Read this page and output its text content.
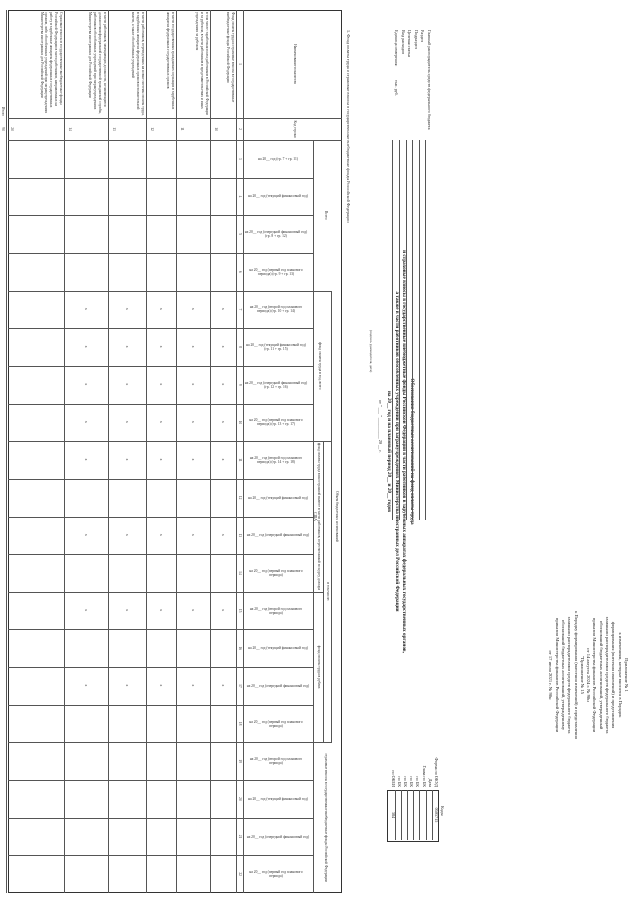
Приложение № 1
к изменениям, которые вносятся в Порядок
формирования (внесения изменений) и представления
главными распорядителями средств федерального бюджета
обоснований бюджетных ассигнований, утвержденный
приказом Министерства финансов Российской Федерации
от 14 августа 2024 г. № 98н
"Приложение № 15
к Порядку формирования (внесения изменений) и представления
главными распорядителями средств федерального бюджета
обоснований бюджетных ассигнований, утвержденному
приказом Министерства финансов Российской Федерации
от 17 июля 2021 г. № 98н
Обоснования бюджетных ассигнований на фонд оплаты труда
и страховые взносы в государственные внебюджетные фонды Российской Федерации в части работников в зарубежных аппаратах федеральных государственных органов,
а также в части работников обособленных учреждений при загранучреждениях Министерства иностранных дел Российской Федерации
на 20__ год и на плановый период 20__ и 20__ годов
от " ___ " __________ 20 __ г.
(подпись руководителя, дата)
Главный распорядитель средств федерального бюджета
Раздел
Подраздел
Целевая статья
Вид расходов
Единица измерения:
тыс. руб.
Коды
Форма по ОКУД
0505715
Дата
Глава по БК
по БК
по БК
по БК
по БК
по ОКЕИ
384
1. Фонд оплаты труда и страховые взносы в государственные внебюджетные фонды Российской Федерации
Всего
Объем бюджетных ассигнований
фонд оплаты труда в год, всего
в том числе:
фонд оплаты труда в иностранной валюте в части работников, пересчитанный по курсу доллара США
фонд оплаты труда в рублях
страховые взносы в государственные внебюджетные фонды Российской Федерации
Наименование показателя
Код строки
на 20__ год (гр. 7 + гр. 11)
на 20__ год (текущий финансовый год)
на 20__ год (очередной финансовый год) (гр. 8 + гр. 12)
на 20__ год (первый год планового периода) (гр. 9 + гр. 13)
на 20__ год (второй год планового периода) (гр. 10 + гр. 14)
на 20__ год (текущий финансовый год) (гр. 11 + гр. 15)
на 20__ год (очередной финансовый год) (гр. 12 + гр. 16)
на 20__ год (первый год планового периода) (гр. 13 + гр. 17)
на 20__ год (второй год планового периода) (гр. 14 + гр. 18)
на 20__ год (текущий финансовый год)
на 20__ год (очередной финансовый год)
на 20__ год (первый год планового периода)
на 20__ год (второй год планового периода)
на 20__ год (текущий финансовый год)
на 20__ год (очередной финансовый год)
на 20__ год (первый год планового периода)
на 20__ год (второй год планового периода)
на 20__ год (текущий финансовый год)
на 20__ год (очередной финансовый год)
на 20__ год (первый год планового периода)
1
2
3
4
5
6
7
8
9
10
11
12
13
14
15
16
17
18
19
20
21
22
Фонд оплаты труда и страховые взносы в государственные внебюджетные фонды Российской Федерации
10
x
x
x
x
x
x
x
x
в том числе: заработная плата работников в Российской Федерации и за рубежом, в части работников в представительствах и иных учреждениях за рубежом
11
x
x
x
x
x
x
x
x
в части государственных гражданских служащих в зарубежных аппаратах федеральных государственных органов
12
x
x
x
x
x
x
x
x
в части работников, переведенных на новые системы оплаты труда, в зарубежных аппаратах федеральных органов исполнительной власти, а также обособленных учреждений
13
x
x
x
x
x
x
x
x
в части работников, замещающих должности, не являющиеся должностями федеральной государственной гражданской службы, работников обособленных учреждений при загранучреждениях Министерства иностранных дел Российской Федерации
14
x
x
x
x
x
x
x
x
Страховые взносы в государственные внебюджетные фонды Российской Федерации в части работников, направленных на работу в зарубежные аппараты федеральных государственных органов, либо обособленных учреждений при загранучреждениях Министерства иностранных дел Российской Федерации
20
Итого
90
